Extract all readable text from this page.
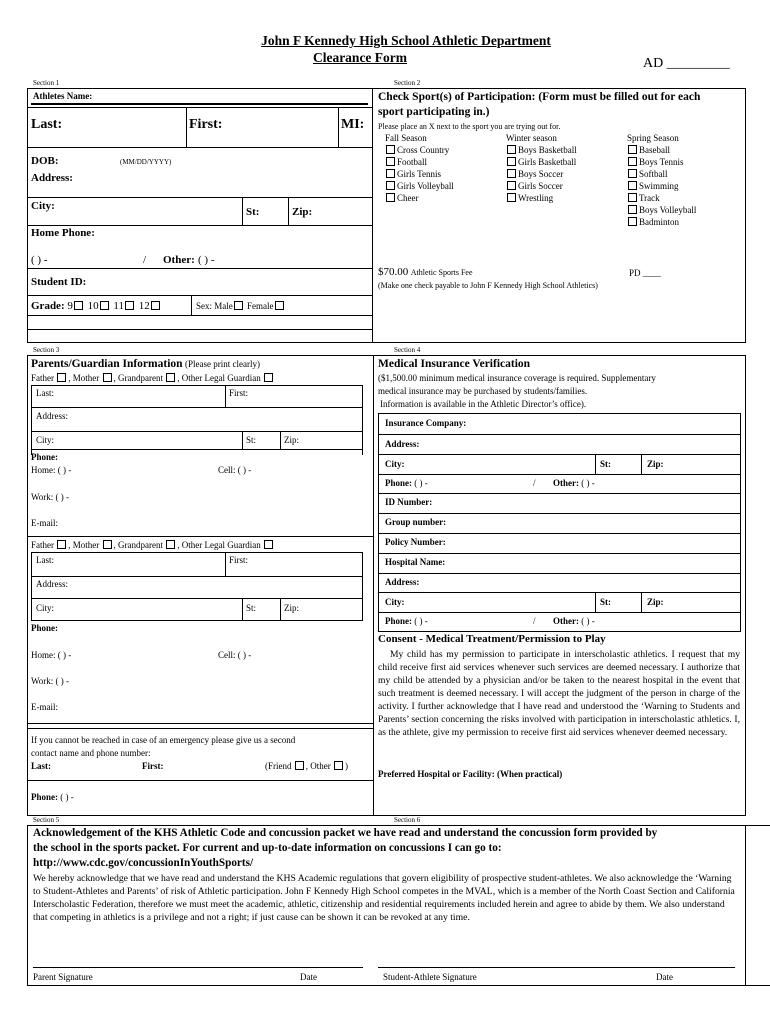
John F Kennedy High School Athletic Department
Clearance Form	AD _________
Section 1
Athletes Name:
Last:	First:	MI:
DOB:	(MM/DD/YYYY)
Address:
City:	St:	Zip:
Home Phone:
( ) -	/ Other: ( ) -
Student ID:
Grade: 9 10 11 12	Sex: Male Female
Section 2
Check Sport(s) of Participation: (Form must be filled out for each
sport participating in.)
Please place an X next to the sport you are trying out for.
Fall Season
Cross Country
Football
Girls Tennis
Girls Volleyball
Cheer
Winter season
Boys Basketball
Girls Basketball
Boys Soccer
Girls Soccer
Wrestling
Spring Season
Baseball
Boys Tennis
Softball
Swimming
Track
Boys Volleyball
Badminton
$70.00 Athletic Sports Fee	PD ____
(Make one check payable to John F Kennedy High School Athletics)
Section 3
Parents/Guardian Information (Please print clearly)
Father , Mother , Grandparent , Other Legal Guardian
Last:	First:
Address:
City:	St:	Zip:
Phone:
Home: ( ) -	Cell: ( ) -
Work: ( ) -
E-mail:
Father , Mother , Grandparent , Other Legal Guardian
Last:	First:
Address:
City:	St:	Zip:
Phone:
Home: ( ) -	Cell: ( ) -
Work: ( ) -
E-mail:
If you cannot be reached in case of an emergency please give us a second
contact name and phone number:
Last:	First:	(Friend , Other )
Phone: ( ) -
Section 4
Medical Insurance Verification
($1,500.00 minimum medical insurance coverage is required. Supplementary
medical insurance may be purchased by students/families.
Information is available in the Athletic Director’s office).
Insurance Company:
Address:
City:	St:	Zip:
Phone: ( ) -	/ Other: ( ) -
ID Number:
Group number:
Policy Number:
Hospital Name:
Address:
City:	St:	Zip:
Phone: ( ) -	/ Other: ( ) -
Consent - Medical Treatment/Permission to Play
My child has my permission to participate in interscholastic athletics. I request that my child receive first aid services whenever such services are deemed necessary. I authorize that my child be attended by a physician and/or be taken to the nearest hospital in the event that such treatment is deemed necessary. I will accept the judgment of the person in charge of the activity. I further acknowledge that I have read and understood the ‘Warning to Students and Parents’ section concerning the risks involved with participation in interscholastic athletics. I, as the athlete, give my permission to receive first aid services whenever deemed necessary.
Preferred Hospital or Facility: (When practical)
Section 5	Section 6
Acknowledgement of the KHS Athletic Code and concussion packet we have read and understand the concussion form provided by
the school in the sports packet. For current and up-to-date information on concussions I can go to:
http://www.cdc.gov/concussionInYouthSports/
We hereby acknowledge that we have read and understand the KHS Academic regulations that govern eligibility of prospective student-athletes. We also acknowledge the ‘Warning to Student-Athletes and Parents’ of risk of Athletic participation. John F Kennedy High School competes in the MVAL, which is a member of the North Coast Section and California Interscholastic Federation, therefore we must meet the academic, athletic, citizenship and residential requirements included herein and agree to abide by them. We also understand that competing in athletics is a privilege and not a right; if just cause can be shown it can be revoked at any time.
Parent Signature	Date	Student-Athlete Signature	Date
